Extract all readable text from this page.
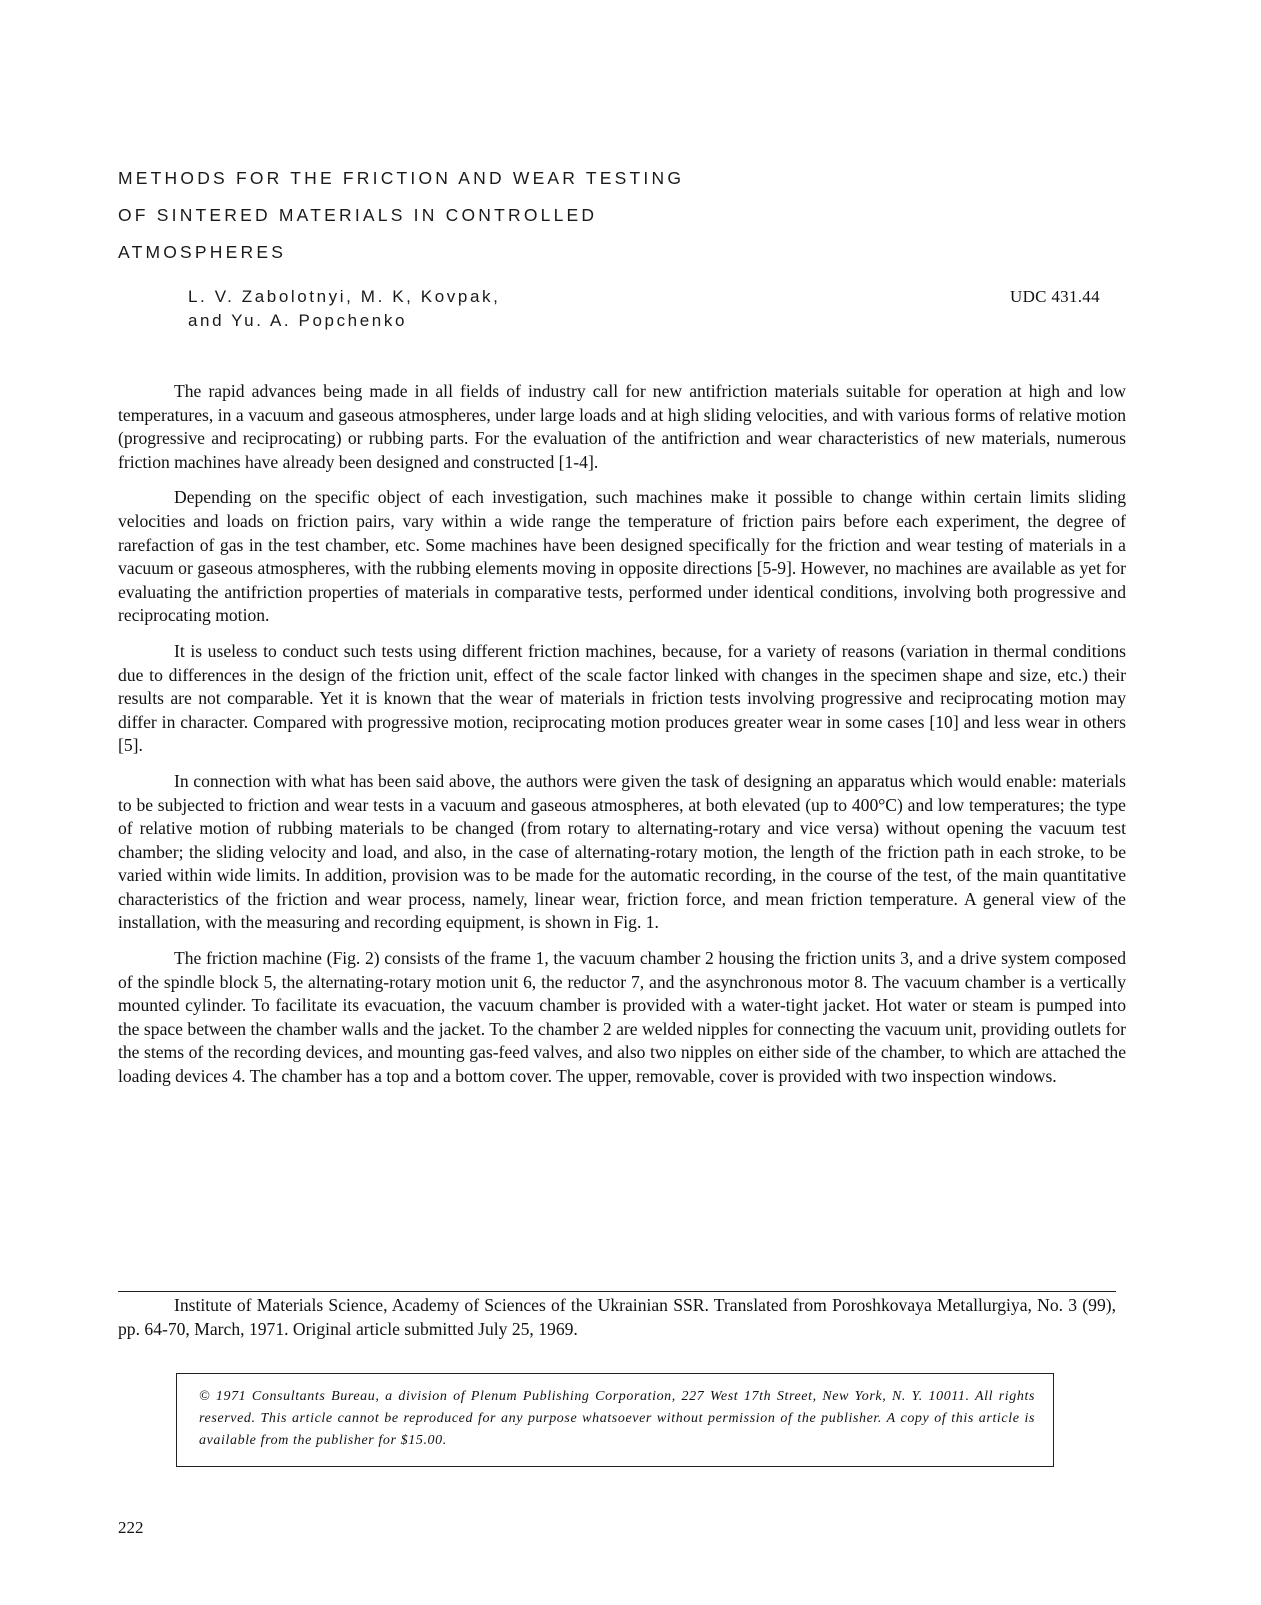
METHODS FOR THE FRICTION AND WEAR TESTING
OF SINTERED MATERIALS IN CONTROLLED
ATMOSPHERES
L. V. Zabolotnyi, M. K, Kovpak,
and Yu. A. Popchenko
UDC 431.44

The rapid advances being made in all fields of industry call for new antifriction materials suitable for operation at high and low temperatures, in a vacuum and gaseous atmospheres, under large loads and at high sliding velocities, and with various forms of relative motion (progressive and reciprocating) or rubbing parts. For the evaluation of the antifriction and wear characteristics of new materials, numerous friction machines have already been designed and constructed [1-4].

Depending on the specific object of each investigation, such machines make it possible to change within certain limits sliding velocities and loads on friction pairs, vary within a wide range the temperature of friction pairs before each experiment, the degree of rarefaction of gas in the test chamber, etc. Some machines have been designed specifically for the friction and wear testing of materials in a vacuum or gaseous atmospheres, with the rubbing elements moving in opposite directions [5-9]. However, no machines are available as yet for evaluating the antifriction properties of materials in comparative tests, performed under identical conditions, involving both progressive and reciprocating motion.

It is useless to conduct such tests using different friction machines, because, for a variety of reasons (variation in thermal conditions due to differences in the design of the friction unit, effect of the scale factor linked with changes in the specimen shape and size, etc.) their results are not comparable. Yet it is known that the wear of materials in friction tests involving progressive and reciprocating motion may differ in character. Compared with progressive motion, reciprocating motion produces greater wear in some cases [10] and less wear in others [5].

In connection with what has been said above, the authors were given the task of designing an apparatus which would enable: materials to be subjected to friction and wear tests in a vacuum and gaseous atmospheres, at both elevated (up to 400°C) and low temperatures; the type of relative motion of rubbing materials to be changed (from rotary to alternating-rotary and vice versa) without opening the vacuum test chamber; the sliding velocity and load, and also, in the case of alternating-rotary motion, the length of the friction path in each stroke, to be varied within wide limits. In addition, provision was to be made for the automatic recording, in the course of the test, of the main quantitative characteristics of the friction and wear process, namely, linear wear, friction force, and mean friction temperature. A general view of the installation, with the measuring and recording equipment, is shown in Fig. 1.

The friction machine (Fig. 2) consists of the frame 1, the vacuum chamber 2 housing the friction units 3, and a drive system composed of the spindle block 5, the alternating-rotary motion unit 6, the reductor 7, and the asynchronous motor 8. The vacuum chamber is a vertically mounted cylinder. To facilitate its evacuation, the vacuum chamber is provided with a water-tight jacket. Hot water or steam is pumped into the space between the chamber walls and the jacket. To the chamber 2 are welded nipples for connecting the vacuum unit, providing outlets for the stems of the recording devices, and mounting gas-feed valves, and also two nipples on either side of the chamber, to which are attached the loading devices 4. The chamber has a top and a bottom cover. The upper, removable, cover is provided with two inspection windows.

Institute of Materials Science, Academy of Sciences of the Ukrainian SSR. Translated from Poroshkovaya Metallurgiya, No. 3 (99), pp. 64-70, March, 1971. Original article submitted July 25, 1969.

© 1971 Consultants Bureau, a division of Plenum Publishing Corporation, 227 West 17th Street, New York, N. Y. 10011. All rights reserved. This article cannot be reproduced for any purpose whatsoever without permission of the publisher. A copy of this article is available from the publisher for $15.00.
222
